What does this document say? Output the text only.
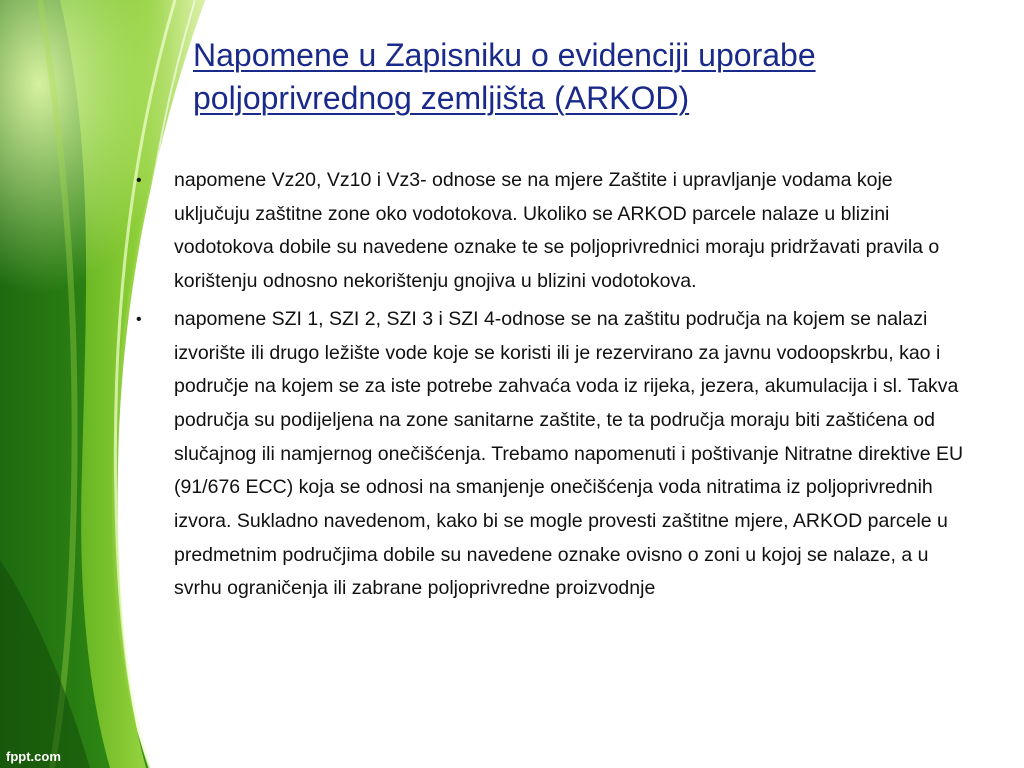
Napomene u Zapisniku o evidenciji uporabe poljoprivrednog zemljišta (ARKOD)
• napomene Vz20, Vz10 i Vz3- odnose se na mjere Zaštite i upravljanje vodama koje uključuju zaštitne zone oko vodotokova. Ukoliko se ARKOD parcele nalaze u blizini vodotokova dobile su navedene oznake te se poljoprivrednici moraju pridržavati pravila o korištenju odnosno nekorištenju gnojiva u blizini vodotokova.
• napomene SZI 1, SZI 2, SZI 3 i SZI 4-odnose se na zaštitu područja na kojem se nalazi izvorište ili drugo ležište vode koje se koristi ili je rezervirano za javnu vodoopskrbu, kao i područje na kojem se za iste potrebe zahvaća voda iz rijeka, jezera, akumulacija i sl. Takva područja su podijeljena na zone sanitarne zaštite, te ta područja moraju biti zaštićena od slučajnog ili namjernog onečišćenja. Trebamo napomenuti i poštivanje Nitratne direktive EU (91/676 ECC) koja se odnosi na smanjenje onečišćenja voda nitratima iz poljoprivrednih izvora. Sukladno navedenom, kako bi se mogle provesti zaštitne mjere, ARKOD parcele u predmetnim područjima dobile su navedene oznake ovisno o zoni u kojoj se nalaze, a u svrhu ograničenja ili zabrane poljoprivredne proizvodnje
fppt.com
